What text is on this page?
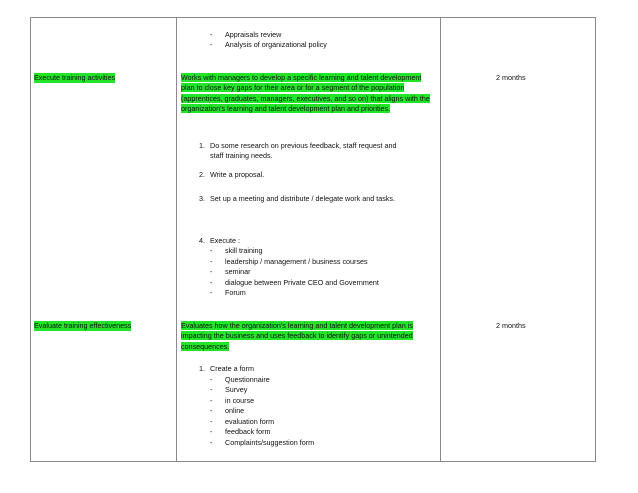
- Appraisals review
- Analysis of organizational policy
Execute training activities	Works with managers to develop a specific learning and talent development plan to close key gaps for their area or for a segment of the population (apprentices, graduates, managers, executives, and so on) that aligns with the organization's learning and talent development plan and priorities.
2 months
1. Do some research on previous feedback, staff request and
staff training needs.
2. Write a proposal.
3. Set up a meeting and distribute / delegate work and tasks.
4. Execute :
- skill training
- leadership / management / business courses
- seminar
- dialogue between Private CEO and Government
- Forum
Evaluate training effectiveness	Evaluates how the organization's learning and talent development plan is impacting the business and uses feedback to identify gaps or unintended consequences.
2 months
1. Create a form
- Questionnaire
- Survey
- in course
- online
- evaluation form
- feedback form
- Complaints/suggestion form
